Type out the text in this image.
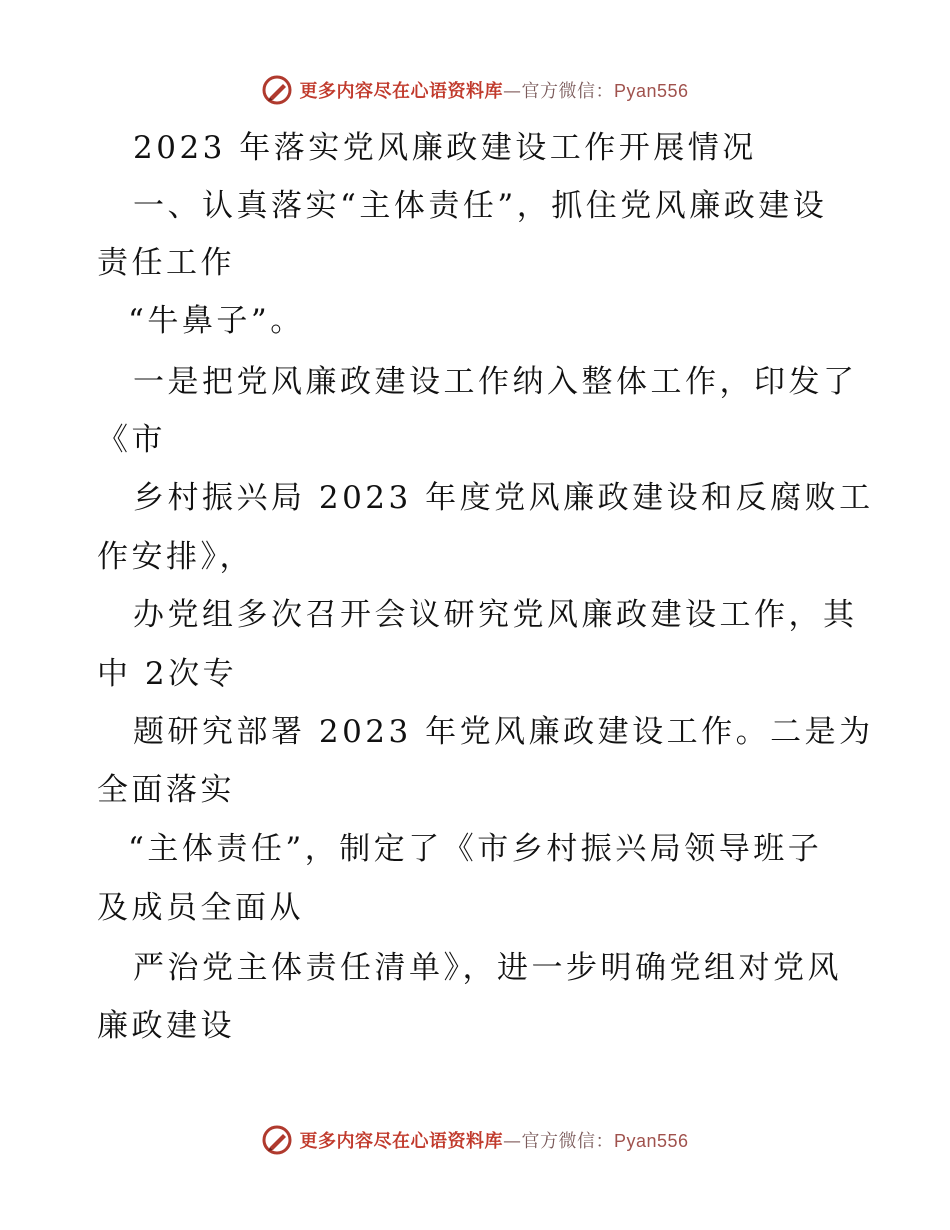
更多内容尽在心语资料库—官方微信：Pyan556
2023 年落实党风廉政建设工作开展情况
一、认真落实“主体责任”，抓住党风廉政建设
责任工作
“牛鼻子”。
一是把党风廉政建设工作纳入整体工作，印发了
《市
乡村振兴局 2023 年度党风廉政建设和反腐败工
作安排》，
办党组多次召开会议研究党风廉政建设工作，其
中 2次专
题研究部署 2023 年党风廉政建设工作。二是为
全面落实
“主体责任”，制定了《市乡村振兴局领导班子
及成员全面从
严治党主体责任清单》，进一步明确党组对党风
廉政建设
更多内容尽在心语资料库—官方微信：Pyan556
